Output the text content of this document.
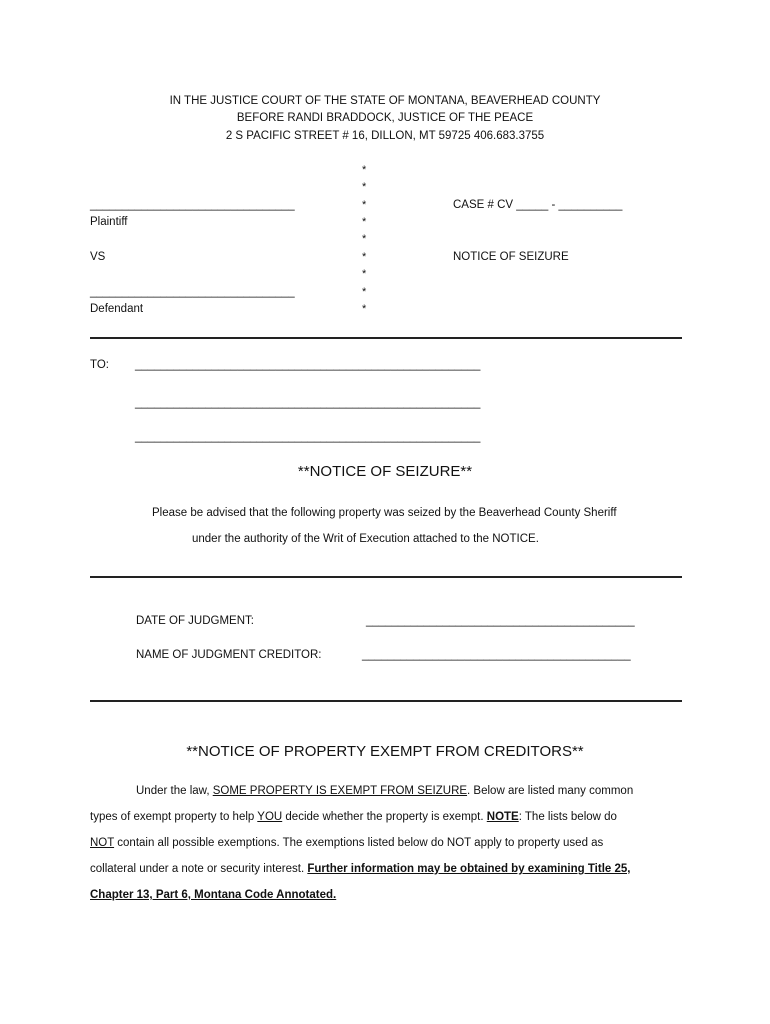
IN THE JUSTICE COURT OF THE STATE OF MONTANA, BEAVERHEAD COUNTY
BEFORE RANDI BRADDOCK, JUSTICE OF THE PEACE
2 S PACIFIC STREET # 16, DILLON, MT 59725 406.683.3755
________________________________
Plaintiff
VS
________________________________
Defendant
*
*
*
*
*
*
*
*
*
CASE # CV _____ - __________
NOTICE OF SEIZURE
TO: ______________________________________________________
______________________________________________________
______________________________________________________
**NOTICE OF SEIZURE**
Please be advised that the following property was seized by the Beaverhead County Sheriff
under the authority of the Writ of Execution attached to the NOTICE.
DATE OF JUDGMENT:	__________________________________________
NAME OF JUDGMENT CREDITOR:	__________________________________________
**NOTICE OF PROPERTY EXEMPT FROM CREDITORS**
Under the law, SOME PROPERTY IS EXEMPT FROM SEIZURE. Below are listed many common
types of exempt property to help YOU decide whether the property is exempt. NOTE: The lists below do
NOT contain all possible exemptions. The exemptions listed below do NOT apply to property used as
collateral under a note or security interest. Further information may be obtained by examining Title 25,
Chapter 13, Part 6, Montana Code Annotated.
